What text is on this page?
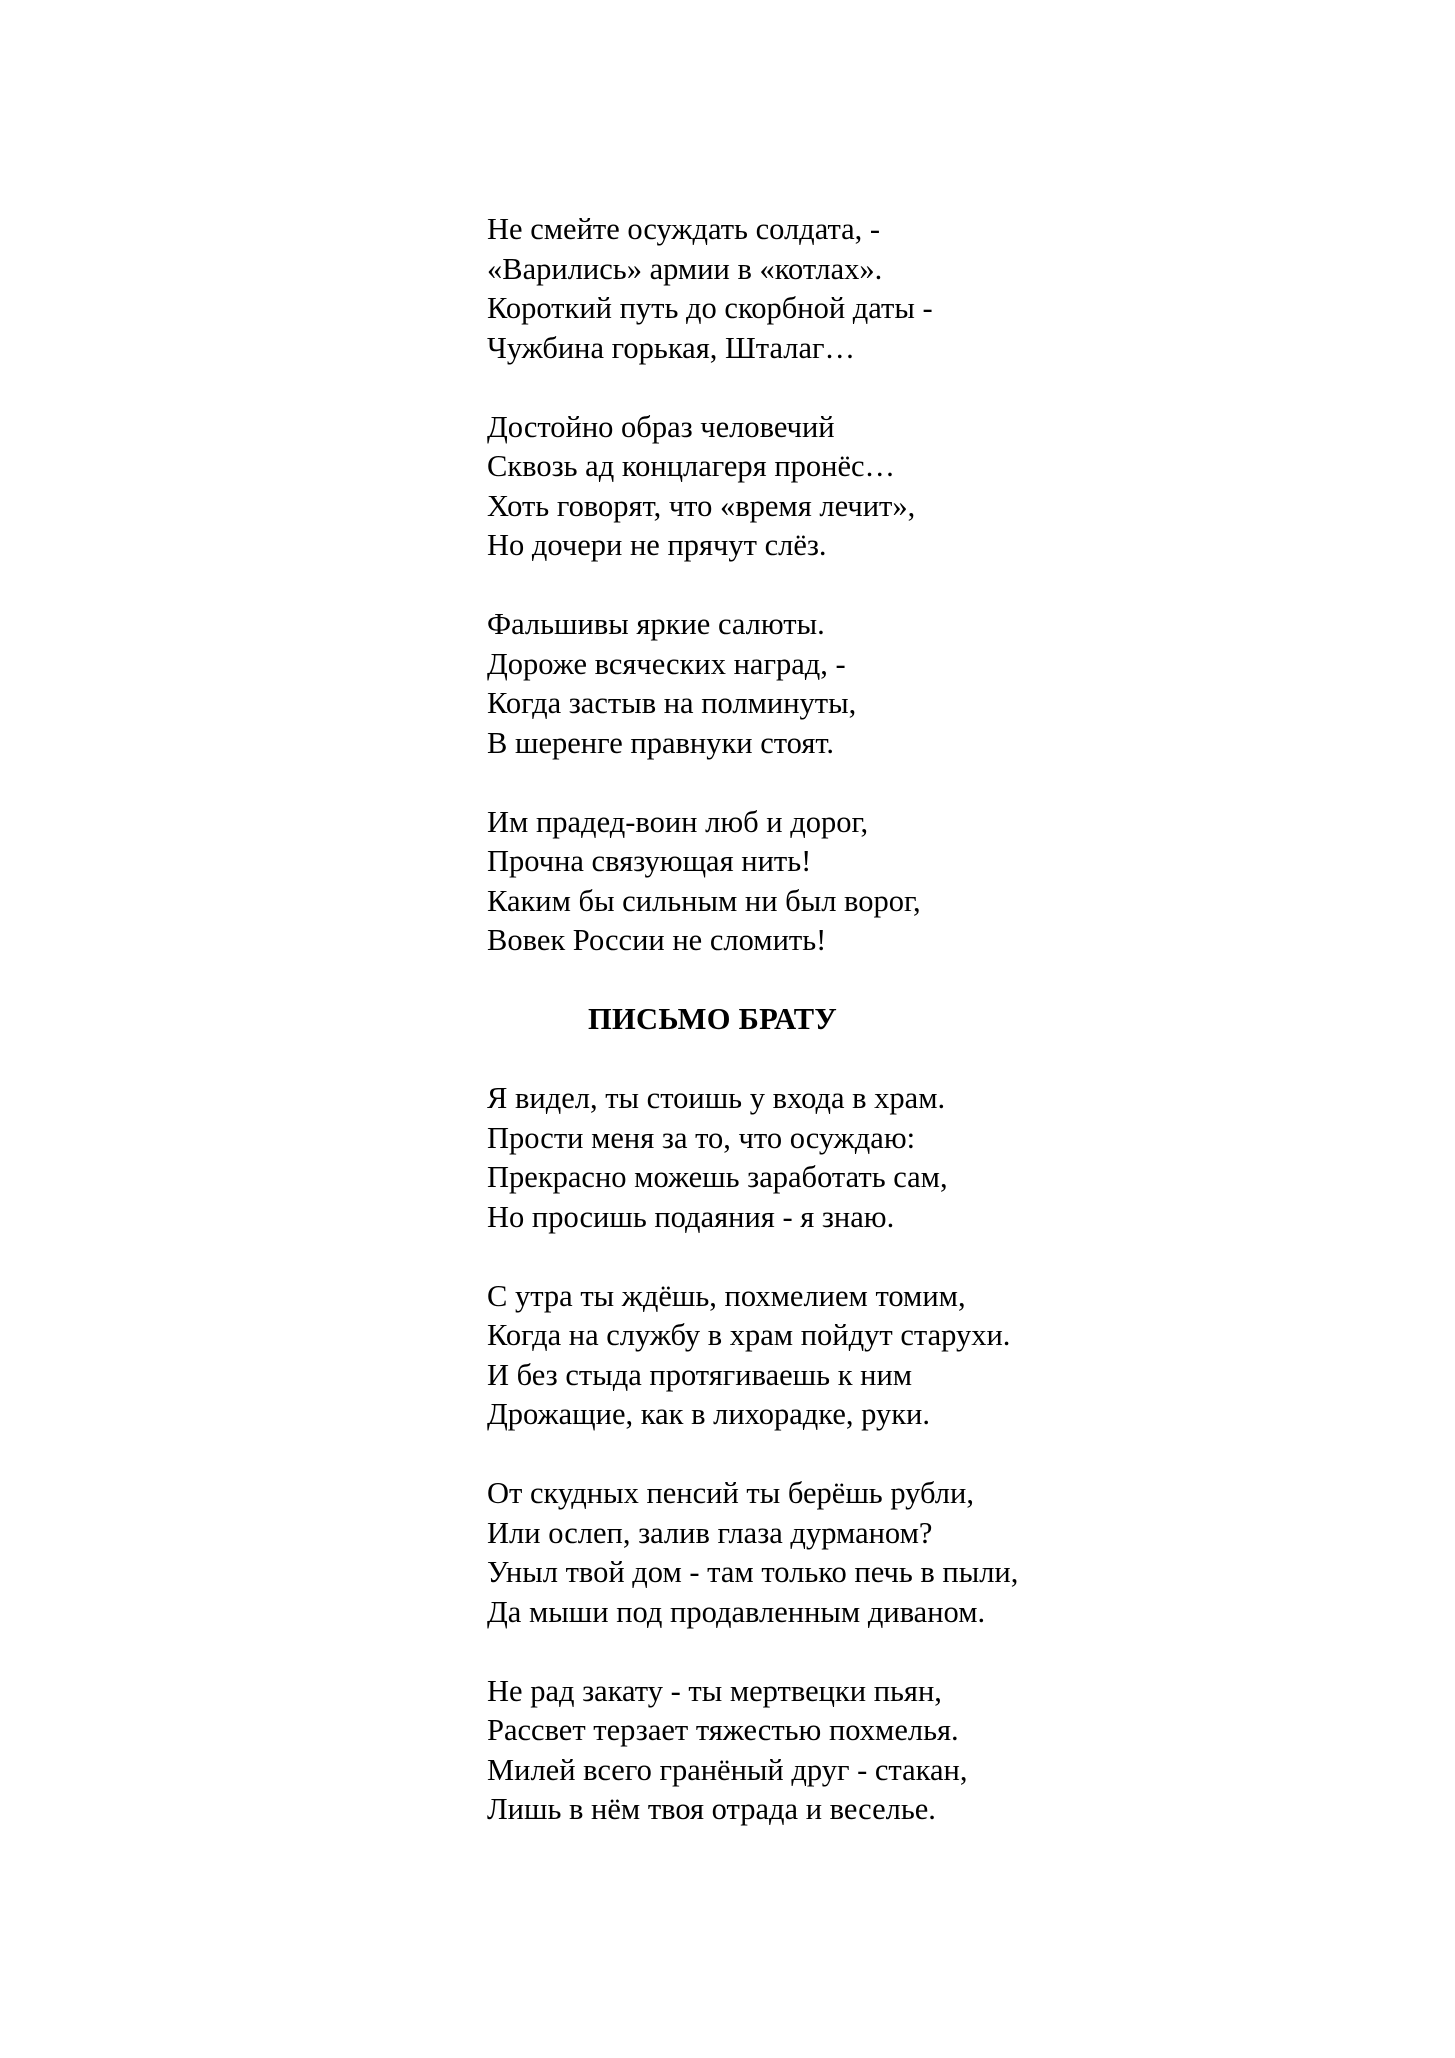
Не смейте осуждать солдата, -
«Варились» армии в «котлах».
Короткий путь до скорбной даты -
Чужбина горькая, Шталаг…
Достойно образ человечий
Сквозь ад концлагеря пронёс…
Хоть говорят, что «время лечит»,
Но дочери не прячут слёз.
Фальшивы яркие салюты.
Дороже всяческих наград, -
Когда застыв на полминуты,
В шеренге правнуки стоят.
Им прадед-воин люб и дорог,
Прочна связующая нить!
Каким бы сильным ни был ворог,
Вовек России не сломить!
ПИСЬМО БРАТУ
Я видел, ты стоишь у входа в храм.
Прости меня за то, что осуждаю:
Прекрасно можешь заработать сам,
Но просишь подаяния - я знаю.
С утра ты ждёшь, похмелием томим,
Когда на службу в храм пойдут старухи.
И без стыда протягиваешь к ним
Дрожащие, как в лихорадке, руки.
От скудных пенсий ты берёшь рубли,
Или ослеп, залив глаза дурманом?
Уныл твой дом - там только печь в пыли,
Да мыши под продавленным диваном.
Не рад закату - ты мертвецки пьян,
Рассвет терзает тяжестью похмелья.
Милей всего гранёный друг - стакан,
Лишь в нём твоя отрада и веселье.
